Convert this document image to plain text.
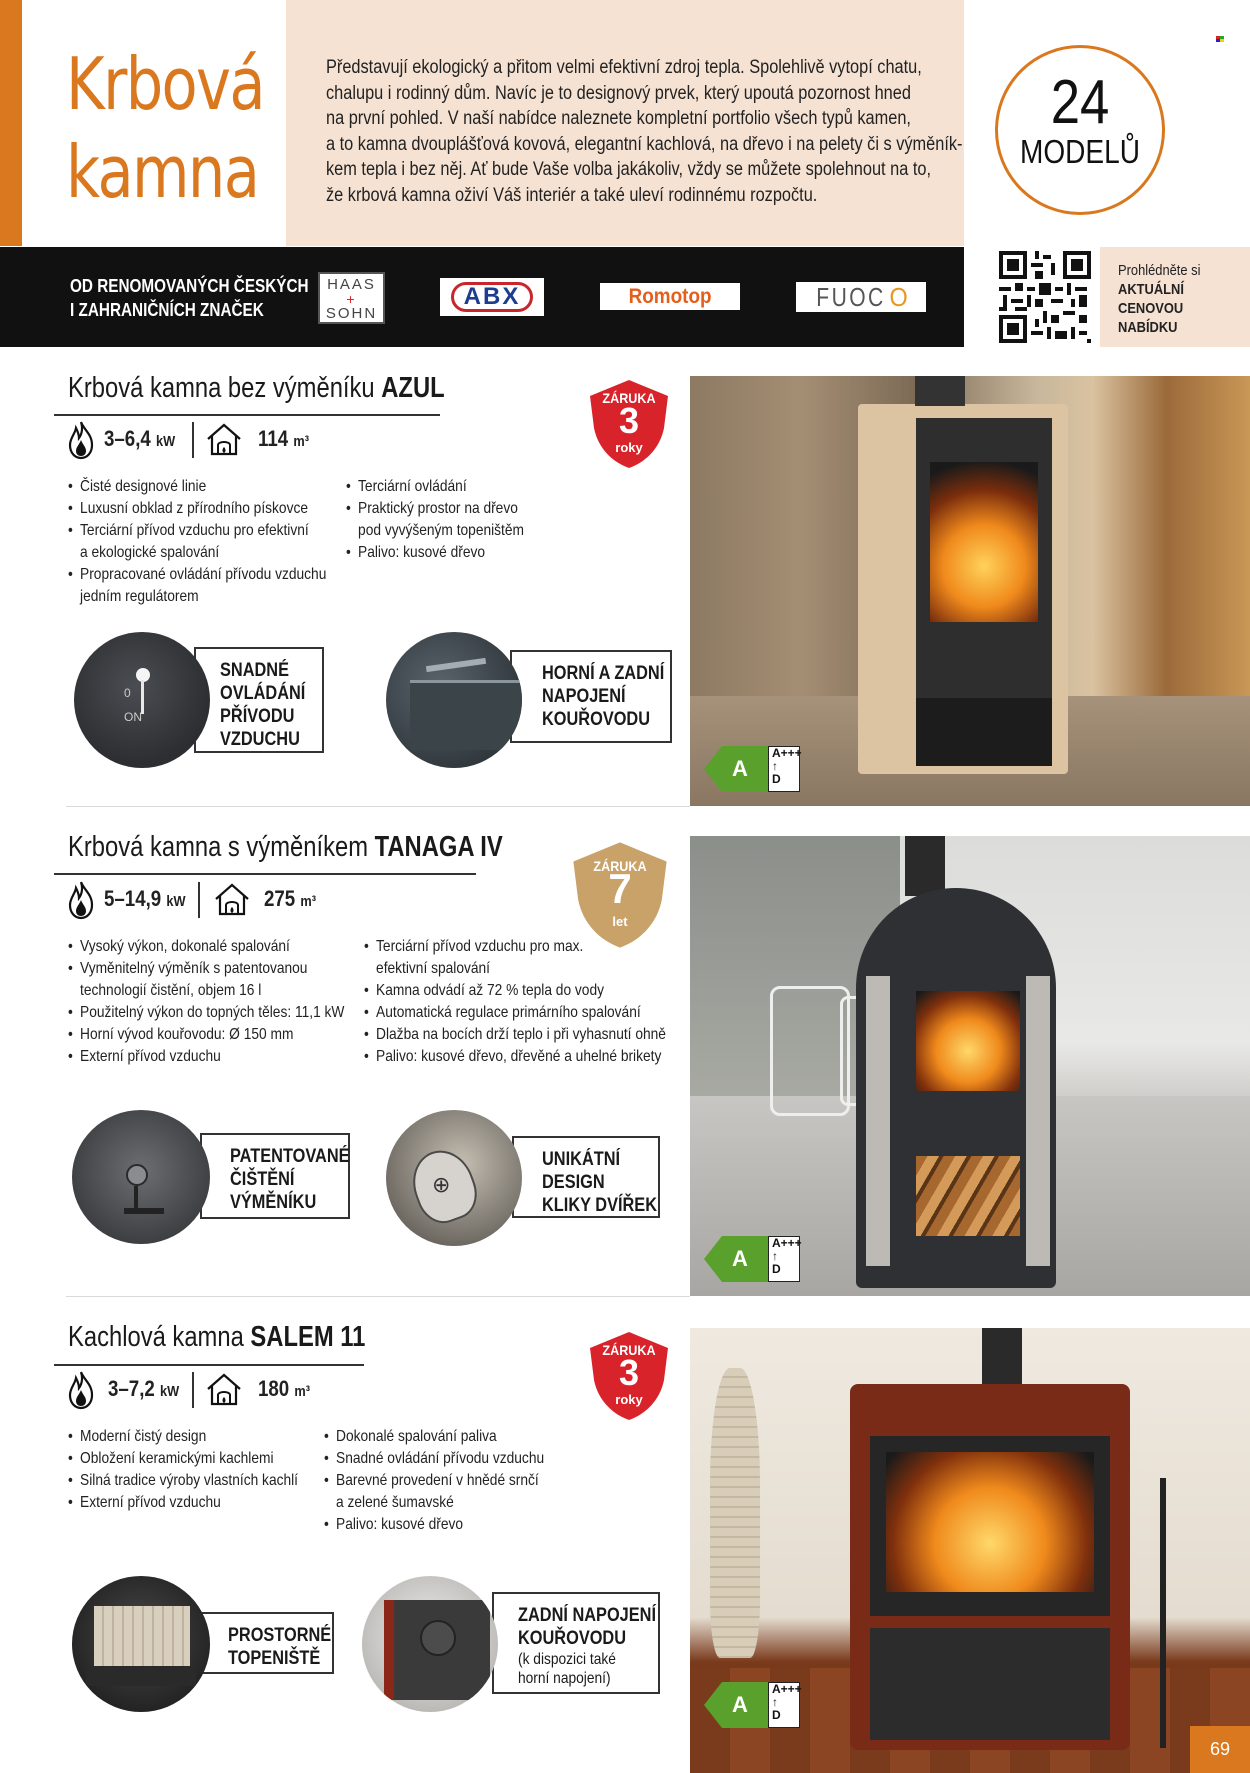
Krbová
kamna
Představují ekologický a přitom velmi efektivní zdroj tepla. Spolehlivě vytopí chatu,
chalupu i rodinný dům. Navíc je to designový prvek, který upoutá pozornost hned
na první pohled. V naší nabídce naleznete kompletní portfolio všech typů kamen,
a to kamna dvouplášťová kovová, elegantní kachlová, na dřevo i na pelety či s výměník-
kem tepla i bez něj. Ať bude Vaše volba jakákoliv, vždy se můžete spolehnout na to,
že krbová kamna oživí Váš interiér a také uleví rodinnému rozpočtu.
24
MODELŮ
OD RENOMOVANÝCH ČESKÝCH
I ZAHRANIČNÍCH ZNAČEK
HAAS
+
SOHN
ABX	Romotop	FUOC O
Prohlédněte si
AKTUÁLNÍ
CENOVOU
NABÍDKU
Krbová kamna bez výměníku AZUL
3–6,4 kW	114 m³
• Čisté designové linie
• Luxusní obklad z přírodního pískovce
• Terciární přívod vzduchu pro efektivní
a ekologické spalování
• Propracované ovládání přívodu vzduchu
jedním regulátorem
• Terciární ovládání
• Praktický prostor na dřevo
pod vyvýšeným topeništěm
• Palivo: kusové dřevo
SNADNÉ
OVLÁDÁNÍ
PŘÍVODU
VZDUCHU
0
ON
HORNÍ A ZADNÍ
NAPOJENÍ
KOUŘOVODU
ZÁRUKA
3
roky
A
A+++
↑
D
Krbová kamna s výměníkem TANAGA IV
5–14,9 kW	275 m³
• Vysoký výkon, dokonalé spalování
• Vyměnitelný výměník s patentovanou
technologií čistění, objem 16 l
• Použitelný výkon do topných těles: 11,1 kW
• Horní vývod kouřovodu: Ø 150 mm
• Externí přívod vzduchu
• Terciární přívod vzduchu pro max.
efektivní spalování
• Kamna odvádí až 72 % tepla do vody
• Automatická regulace primárního spalování
• Dlažba na bocích drží teplo i při vyhasnutí ohně
• Palivo: kusové dřevo, dřevěné a uhelné brikety
PATENTOVANÉ
ČIŠTĚNÍ
VÝMĚNÍKU
UNIKÁTNÍ
DESIGN
KLIKY DVÍŘEK
⊕
ZÁRUKA
7
let
A
A+++
↑
D
Kachlová kamna SALEM 11
3–7,2 kW	180 m³
• Moderní čistý design
• Obložení keramickými kachlemi
• Silná tradice výroby vlastních kachlí
• Externí přívod vzduchu
• Dokonalé spalování paliva
• Snadné ovládání přívodu vzduchu
• Barevné provedení v hnědé srnčí
a zelené šumavské
• Palivo: kusové dřevo
PROSTORNÉ
TOPENIŠTĚ
ZADNÍ NAPOJENÍ
KOUŘOVODU
(k dispozici také
horní napojení)
ZÁRUKA
3
roky
A
A+++
↑
D
69
